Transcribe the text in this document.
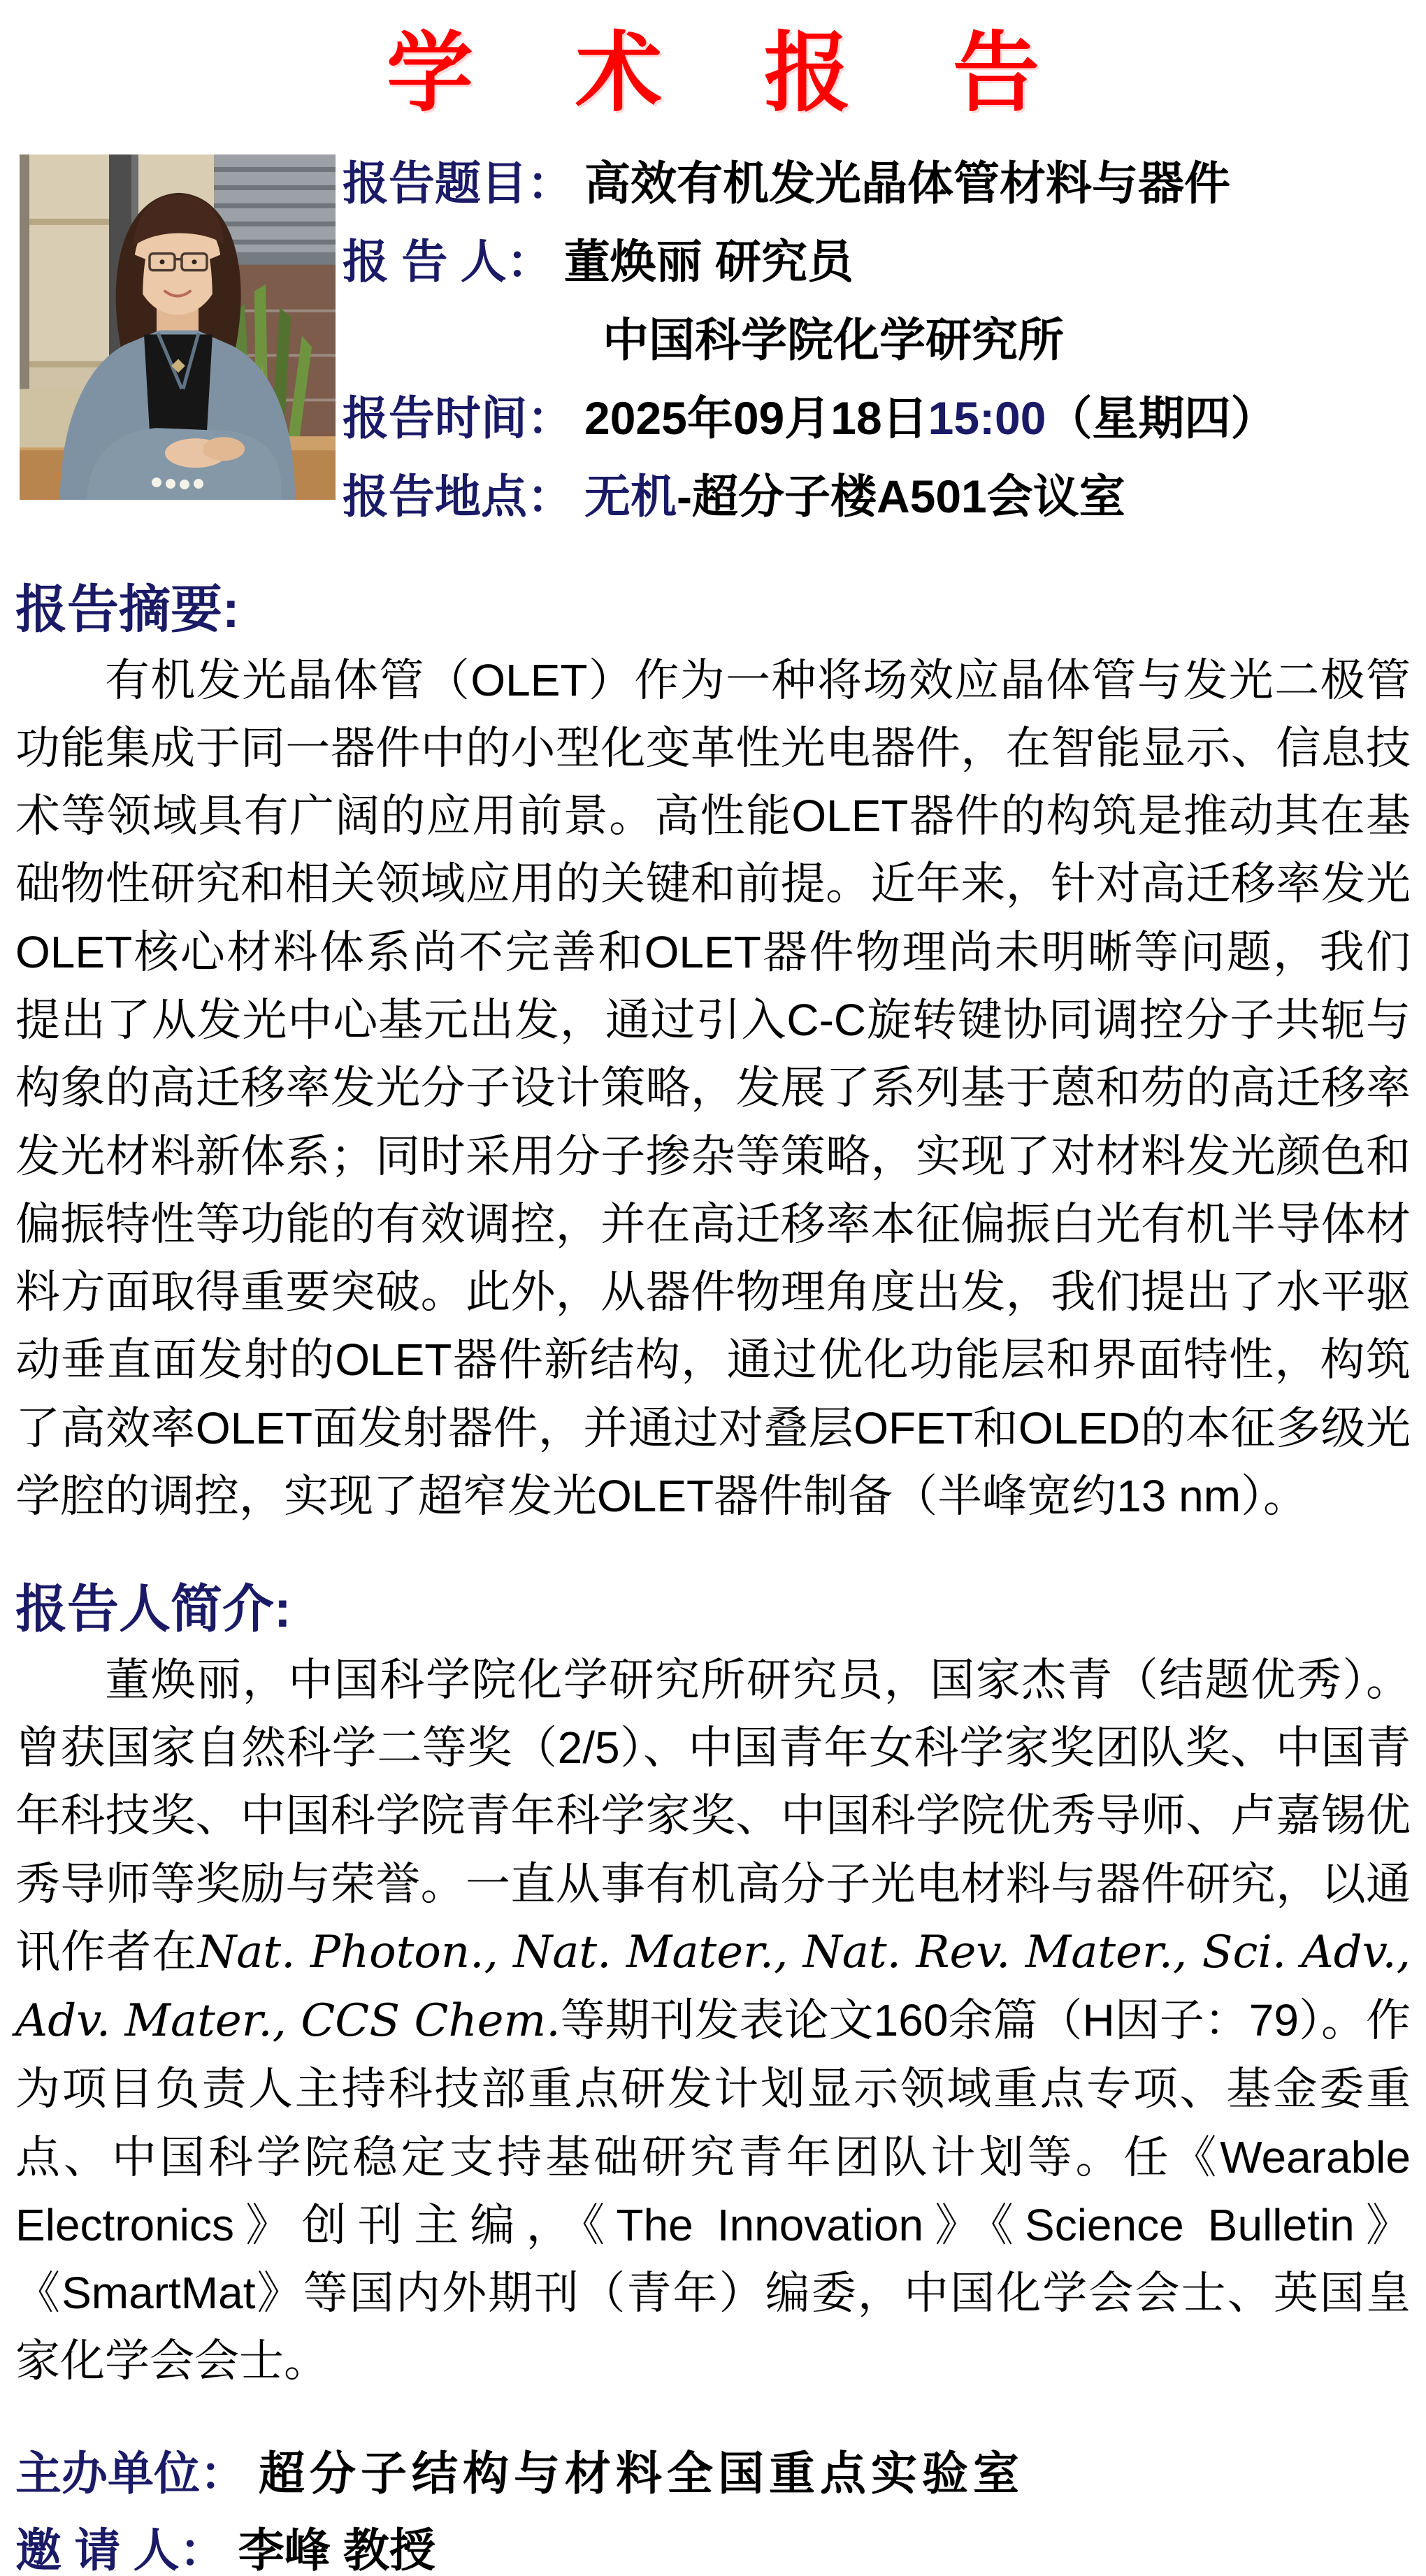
学 术 报 告
报告题目： 高效有机发光晶体管材料与器件
报 告 人： 董焕丽 研究员
中国科学院化学研究所
报告时间： 2025年09月18日15:00（星期四）
报告地点： 无机-超分子楼A501会议室
报告摘要:

有机发光晶体管（OLET）作为一种将场效应晶体管与发光二极管功能集成于同一器件中的小型化变革性光电器件，在智能显示、信息技术等领域具有广阔的应用前景。高性能OLET器件的构筑是推动其在基础物性研究和相关领域应用的关键和前提。近年来，针对高迁移率发光OLET核心材料体系尚不完善和OLET器件物理尚未明晰等问题，我们提出了从发光中心基元出发，通过引入C-C旋转键协同调控分子共轭与构象的高迁移率发光分子设计策略，发展了系列基于蒽和芴的高迁移率发光材料新体系；同时采用分子掺杂等策略，实现了对材料发光颜色和偏振特性等功能的有效调控，并在高迁移率本征偏振白光有机半导体材料方面取得重要突破。此外，从器件物理角度出发，我们提出了水平驱动垂直面发射的OLET器件新结构，通过优化功能层和界面特性，构筑了高效率OLET面发射器件，并通过对叠层OFET和OLED的本征多级光学腔的调控，实现了超窄发光OLET器件制备（半峰宽约13 nm）。

报告人简介:

董焕丽，中国科学院化学研究所研究员，国家杰青（结题优秀）。曾获国家自然科学二等奖（2/5）、中国青年女科学家奖团队奖、中国青年科技奖、中国科学院青年科学家奖、中国科学院优秀导师、卢嘉锡优秀导师等奖励与荣誉。一直从事有机高分子光电材料与器件研究，以通讯作者在Nat. Photon., Nat. Mater., Nat. Rev. Mater., Sci. Adv., Adv. Mater., CCS Chem.等期刊发表论文160余篇（H因子：79）。作为项目负责人主持科技部重点研发计划显示领域重点专项、基金委重点、中国科学院稳定支持基础研究青年团队计划等。任《Wearable Electronics》创刊主编，《The Innovation》《Science Bulletin》《SmartMat》等国内外期刊（青年）编委，中国化学会会士、英国皇家化学会会士。

主办单位： 超分子结构与材料全国重点实验室
邀 请 人： 李峰 教授
